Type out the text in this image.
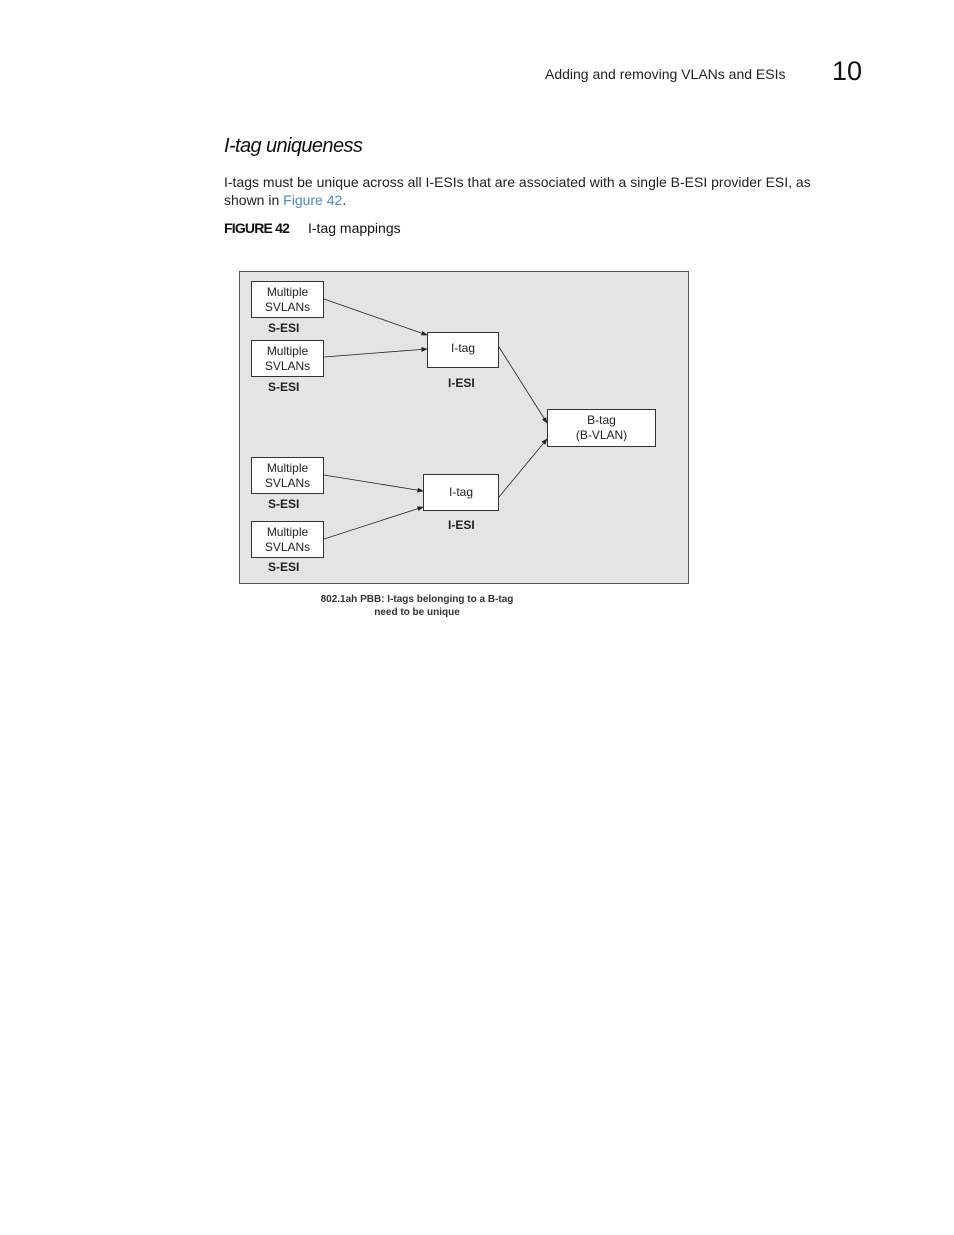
Adding and removing VLANs and ESIs 10
I-tag uniqueness
I-tags must be unique across all I-ESIs that are associated with a single B-ESI provider ESI, as shown in Figure 42.
FIGURE 42 I-tag mappings
Multiple SVLANs
S-ESI
Multiple SVLANs
S-ESI
I-tag
I-ESI
B-tag
(B-VLAN)
Multiple SVLANs
S-ESI
I-tag
I-ESI
Multiple SVLANs
S-ESI
802.1ah PBB: I-tags belonging to a B-tag
need to be unique
